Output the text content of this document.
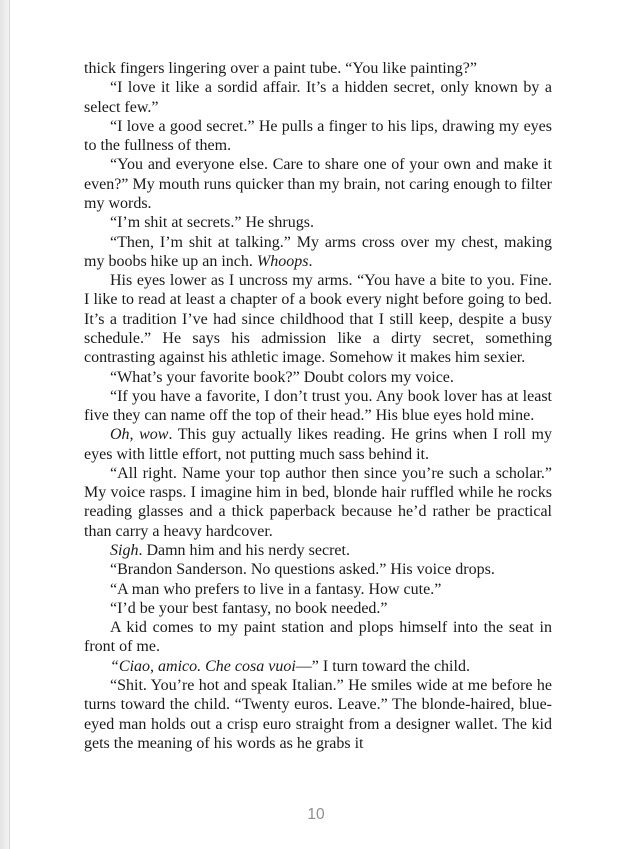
thick fingers lingering over a paint tube. “You like painting?”

“I love it like a sordid affair. It’s a hidden secret, only known by a select few.”

“I love a good secret.” He pulls a finger to his lips, drawing my eyes to the fullness of them.

“You and everyone else. Care to share one of your own and make it even?” My mouth runs quicker than my brain, not caring enough to filter my words.

“I’m shit at secrets.” He shrugs.

“Then, I’m shit at talking.” My arms cross over my chest, making my boobs hike up an inch. Whoops.

His eyes lower as I uncross my arms. “You have a bite to you. Fine. I like to read at least a chapter of a book every night before going to bed. It’s a tradition I’ve had since childhood that I still keep, despite a busy schedule.” He says his admission like a dirty secret, something contrasting against his athletic image. Somehow it makes him sexier.

“What’s your favorite book?” Doubt colors my voice.

“If you have a favorite, I don’t trust you. Any book lover has at least five they can name off the top of their head.” His blue eyes hold mine.

Oh, wow. This guy actually likes reading. He grins when I roll my eyes with little effort, not putting much sass behind it.

“All right. Name your top author then since you’re such a scholar.” My voice rasps. I imagine him in bed, blonde hair ruffled while he rocks reading glasses and a thick paperback because he’d rather be practical than carry a heavy hardcover.

Sigh. Damn him and his nerdy secret.

“Brandon Sanderson. No questions asked.” His voice drops.

“A man who prefers to live in a fantasy. How cute.”

“I’d be your best fantasy, no book needed.”

A kid comes to my paint station and plops himself into the seat in front of me.

“Ciao, amico. Che cosa vuoi—” I turn toward the child.

“Shit. You’re hot and speak Italian.” He smiles wide at me before he turns toward the child. “Twenty euros. Leave.” The blonde-haired, blue-eyed man holds out a crisp euro straight from a designer wallet. The kid gets the meaning of his words as he grabs it

10
